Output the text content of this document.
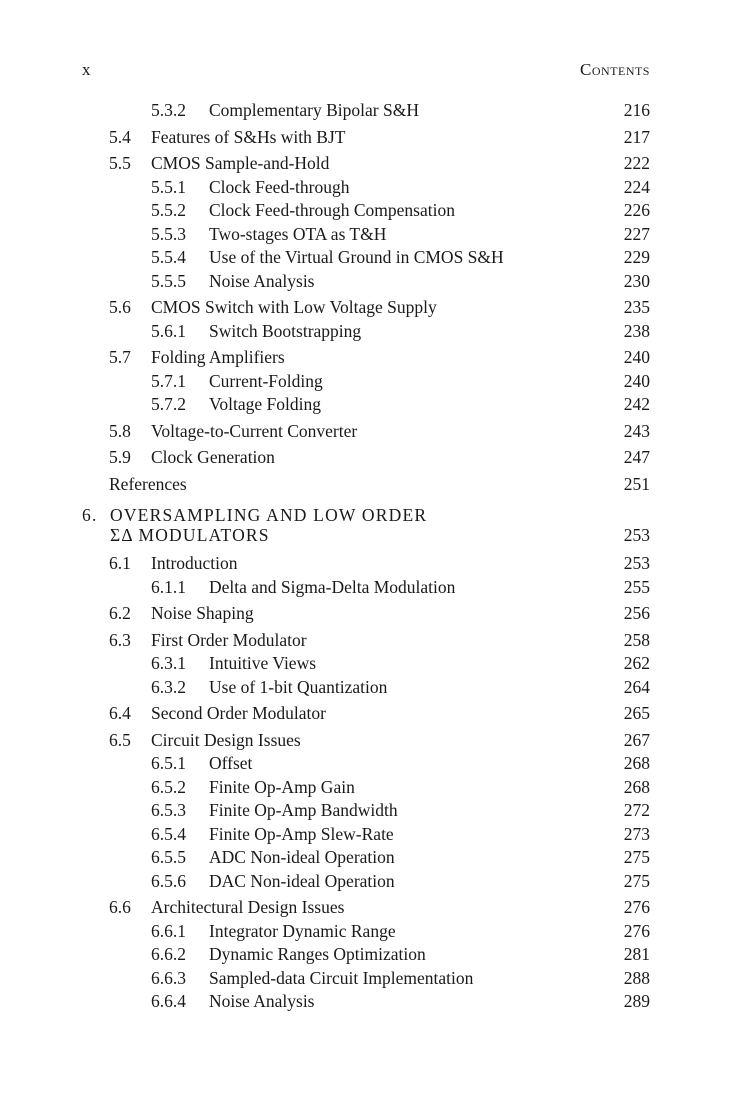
x	Contents
5.3.2 Complementary Bipolar S&H	216
5.4 Features of S&Hs with BJT	217
5.5 CMOS Sample-and-Hold	222
5.5.1 Clock Feed-through	224
5.5.2 Clock Feed-through Compensation	226
5.5.3 Two-stages OTA as T&H	227
5.5.4 Use of the Virtual Ground in CMOS S&H	229
5.5.5 Noise Analysis	230
5.6 CMOS Switch with Low Voltage Supply	235
5.6.1 Switch Bootstrapping	238
5.7 Folding Amplifiers	240
5.7.1 Current-Folding	240
5.7.2 Voltage Folding	242
5.8 Voltage-to-Current Converter	243
5.9 Clock Generation	247
References	251
6. OVERSAMPLING AND LOW ORDER
ΣΔ MODULATORS	253
6.1 Introduction	253
6.1.1 Delta and Sigma-Delta Modulation	255
6.2 Noise Shaping	256
6.3 First Order Modulator	258
6.3.1 Intuitive Views	262
6.3.2 Use of 1-bit Quantization	264
6.4 Second Order Modulator	265
6.5 Circuit Design Issues	267
6.5.1 Offset	268
6.5.2 Finite Op-Amp Gain	268
6.5.3 Finite Op-Amp Bandwidth	272
6.5.4 Finite Op-Amp Slew-Rate	273
6.5.5 ADC Non-ideal Operation	275
6.5.6 DAC Non-ideal Operation	275
6.6 Architectural Design Issues	276
6.6.1 Integrator Dynamic Range	276
6.6.2 Dynamic Ranges Optimization	281
6.6.3 Sampled-data Circuit Implementation	288
6.6.4 Noise Analysis	289
